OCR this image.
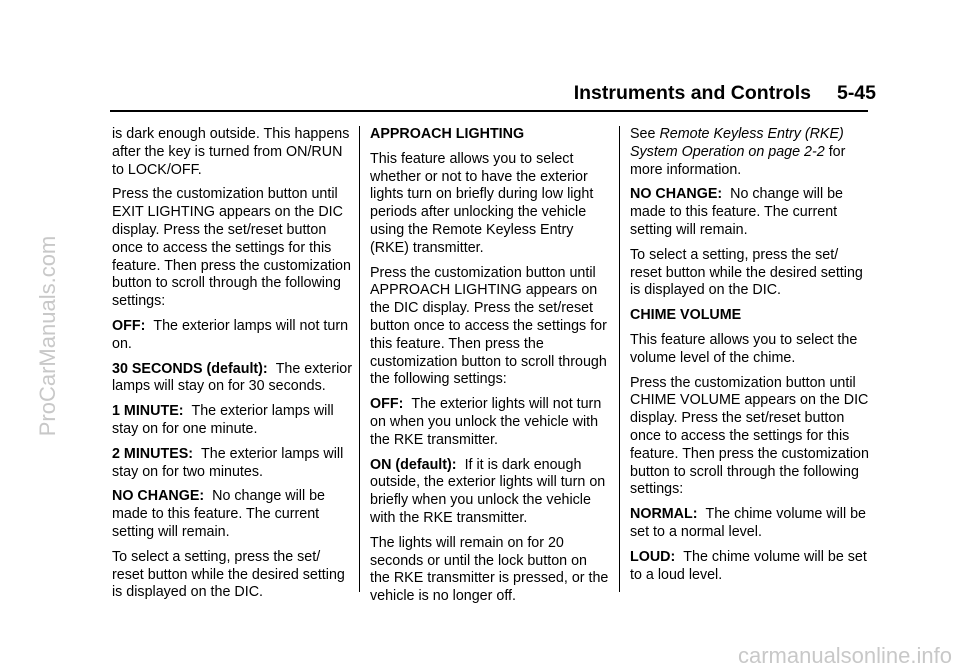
ProCarManuals.com
carmanualsonline.info
Instruments and Controls 5-45

is dark enough outside. This happens after the key is turned from ON/RUN to LOCK/OFF.

Press the customization button until EXIT LIGHTING appears on the DIC display. Press the set/reset button once to access the settings for this feature. Then press the customization button to scroll through the following settings:

OFF: The exterior lamps will not turn on.

30 SECONDS (default): The exterior lamps will stay on for 30 seconds.

1 MINUTE: The exterior lamps will stay on for one minute.

2 MINUTES: The exterior lamps will stay on for two minutes.

NO CHANGE: No change will be made to this feature. The current setting will remain.

To select a setting, press the set/ reset button while the desired setting is displayed on the DIC.

APPROACH LIGHTING

This feature allows you to select whether or not to have the exterior lights turn on briefly during low light periods after unlocking the vehicle using the Remote Keyless Entry (RKE) transmitter.

Press the customization button until APPROACH LIGHTING appears on the DIC display. Press the set/reset button once to access the settings for this feature. Then press the customization button to scroll through the following settings:

OFF: The exterior lights will not turn on when you unlock the vehicle with the RKE transmitter.

ON (default): If it is dark enough outside, the exterior lights will turn on briefly when you unlock the vehicle with the RKE transmitter.

The lights will remain on for 20 seconds or until the lock button on the RKE transmitter is pressed, or the vehicle is no longer off.

See Remote Keyless Entry (RKE) System Operation on page 2-2 for more information.

NO CHANGE: No change will be made to this feature. The current setting will remain.

To select a setting, press the set/ reset button while the desired setting is displayed on the DIC.

CHIME VOLUME

This feature allows you to select the volume level of the chime.

Press the customization button until CHIME VOLUME appears on the DIC display. Press the set/reset button once to access the settings for this feature. Then press the customization button to scroll through the following settings:

NORMAL: The chime volume will be set to a normal level.

LOUD: The chime volume will be set to a loud level.
